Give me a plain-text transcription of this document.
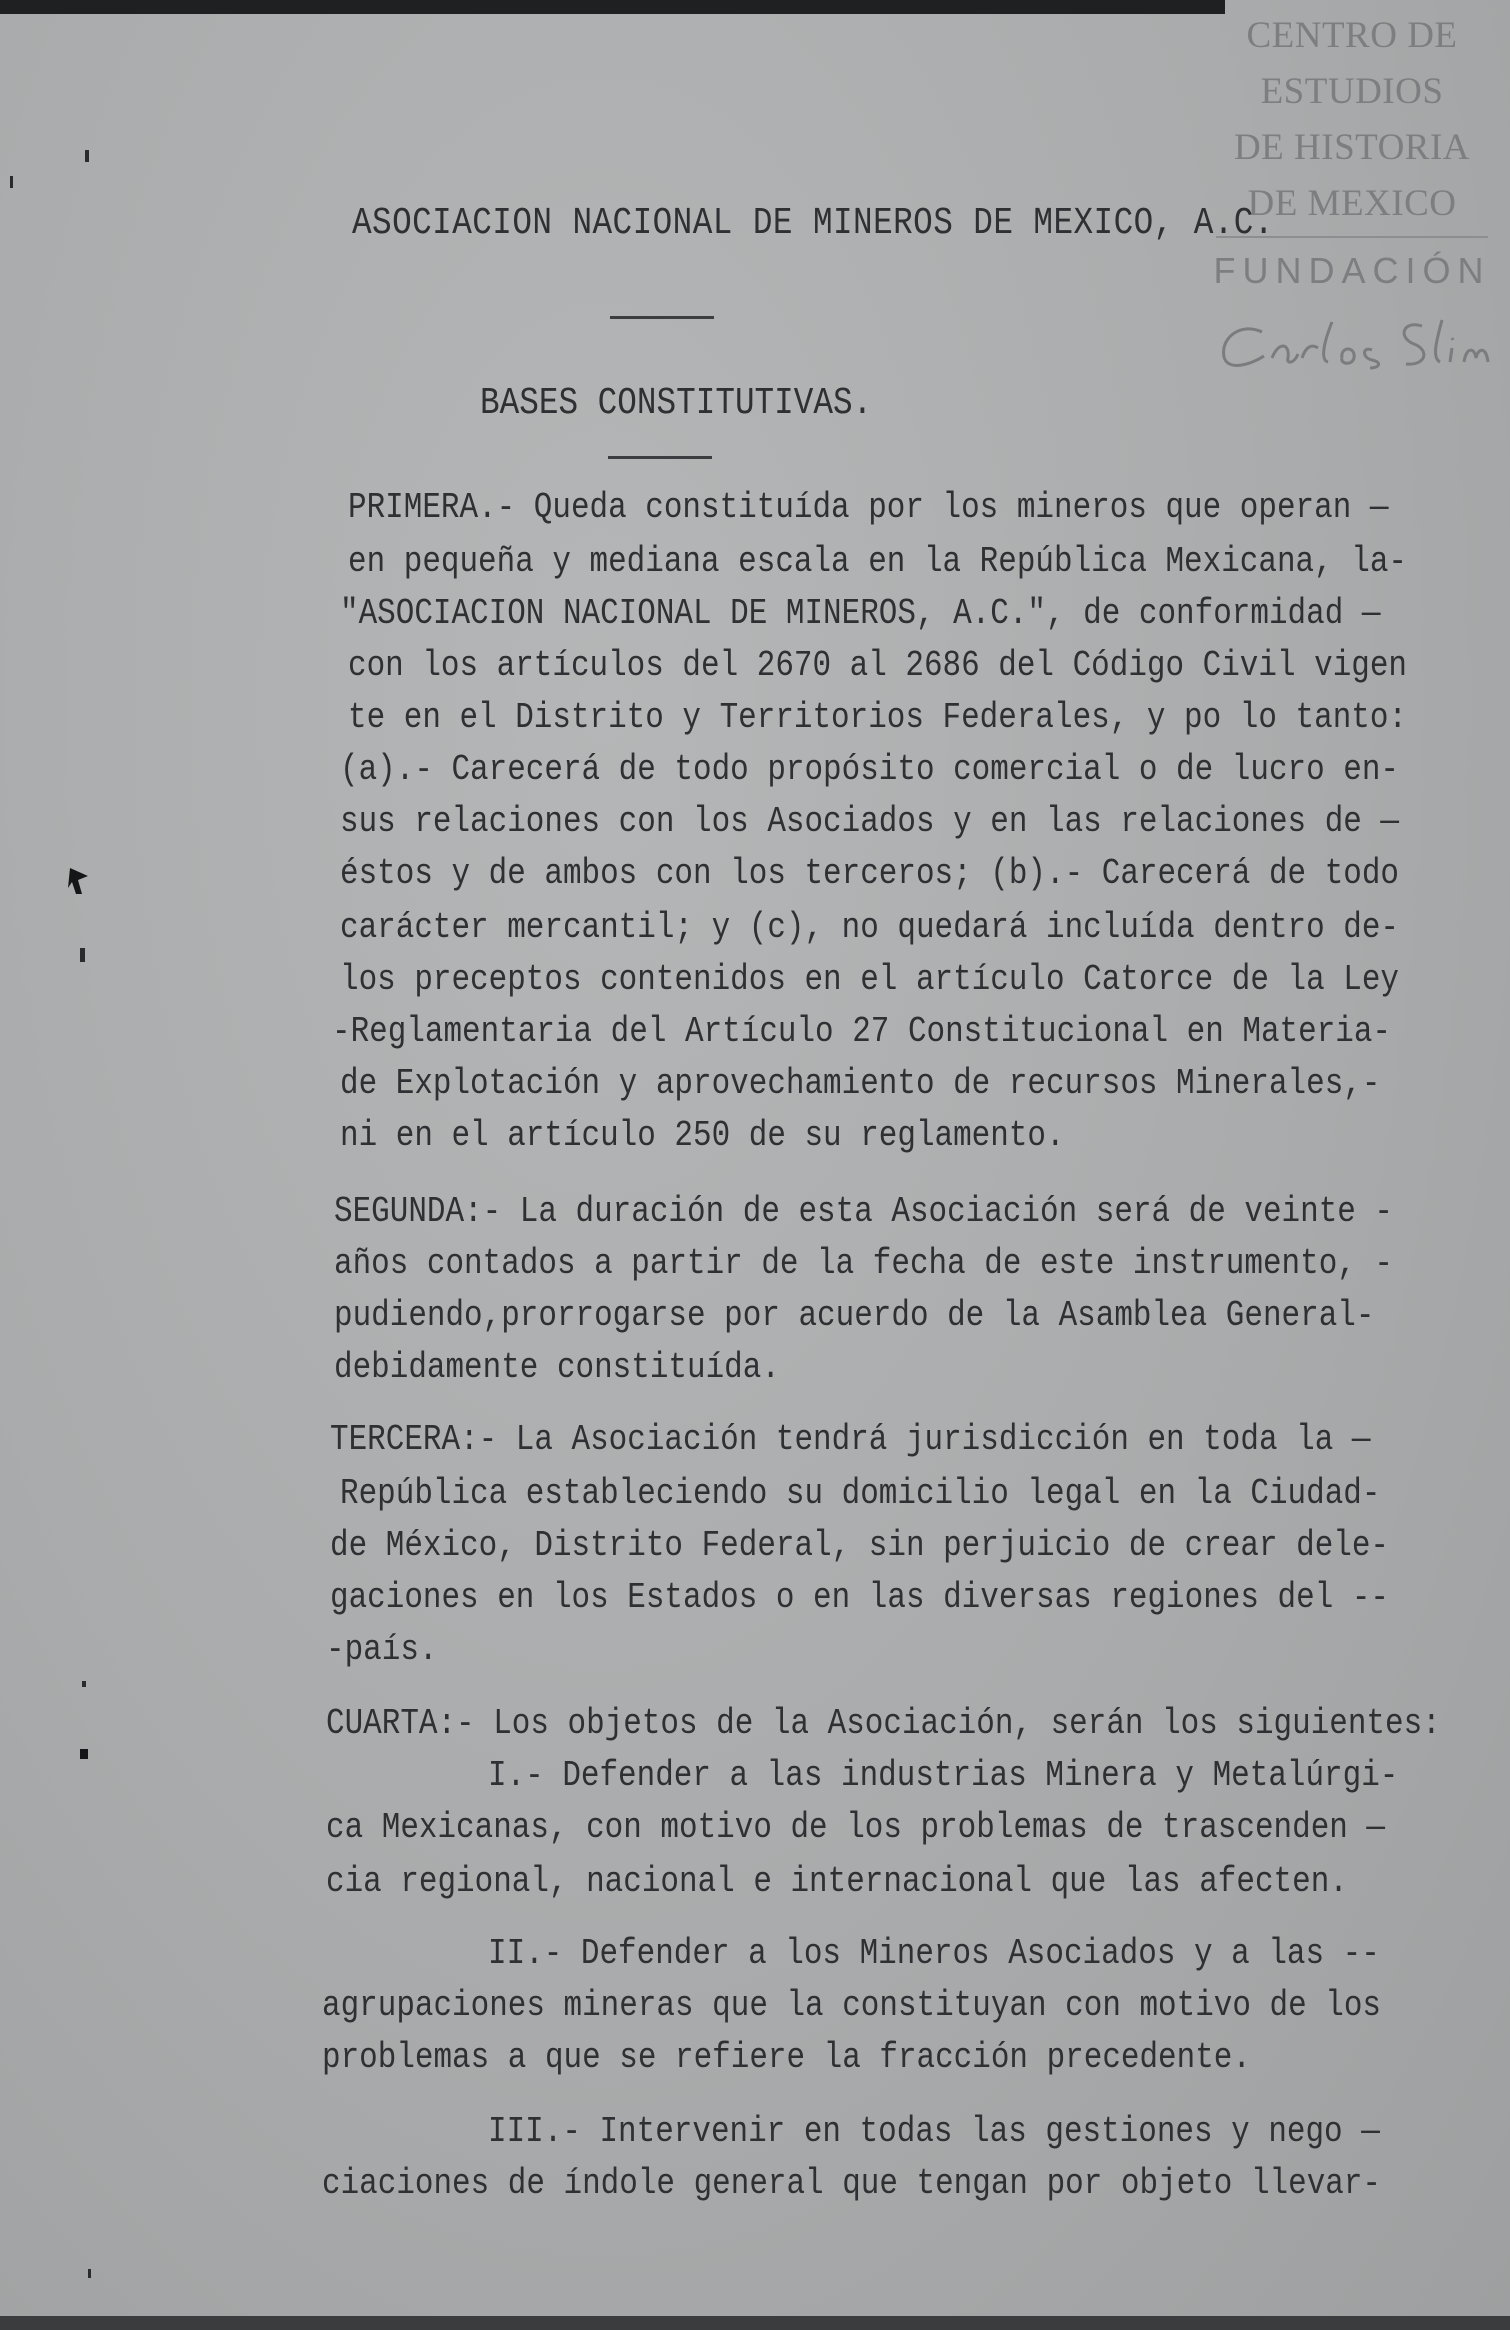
CENTRO DE
ESTUDIOS
DE HISTORIA
DE MEXICO
FUNDACIÓN
ASOCIACION NACIONAL DE MINEROS DE MEXICO, A.C.
BASES CONSTITUTIVAS.
PRIMERA.- Queda constituída por los mineros que operan —
en pequeña y mediana escala en la República Mexicana, la-
"ASOCIACION NACIONAL DE MINEROS, A.C.", de conformidad —
con los artículos del 2670 al 2686 del Código Civil vigen
te en el Distrito y Territorios Federales, y po lo tanto:
(a).- Carecerá de todo propósito comercial o de lucro en-
sus relaciones con los Asociados y en las relaciones de —
éstos y de ambos con los terceros; (b).- Carecerá de todo
carácter mercantil; y (c), no quedará incluída dentro de-
los preceptos contenidos en el artículo Catorce de la Ley
-Reglamentaria del Artículo 27 Constitucional en Materia-
de Explotación y aprovechamiento de recursos Minerales,-
ni en el artículo 250 de su reglamento.
SEGUNDA:- La duración de esta Asociación será de veinte -
años contados a partir de la fecha de este instrumento, -
pudiendo,prorrogarse por acuerdo de la Asamblea General-
debidamente constituída.
TERCERA:- La Asociación tendrá jurisdicción en toda la —
República estableciendo su domicilio legal en la Ciudad-
de México, Distrito Federal, sin perjuicio de crear dele-
gaciones en los Estados o en las diversas regiones del --
-país.
CUARTA:- Los objetos de la Asociación, serán los siguientes:
I.- Defender a las industrias Minera y Metalúrgi-
ca Mexicanas, con motivo de los problemas de trascenden —
cia regional, nacional e internacional que las afecten.
II.- Defender a los Mineros Asociados y a las --
agrupaciones mineras que la constituyan con motivo de los
problemas a que se refiere la fracción precedente.
III.- Intervenir en todas las gestiones y nego —
ciaciones de índole general que tengan por objeto llevar-
